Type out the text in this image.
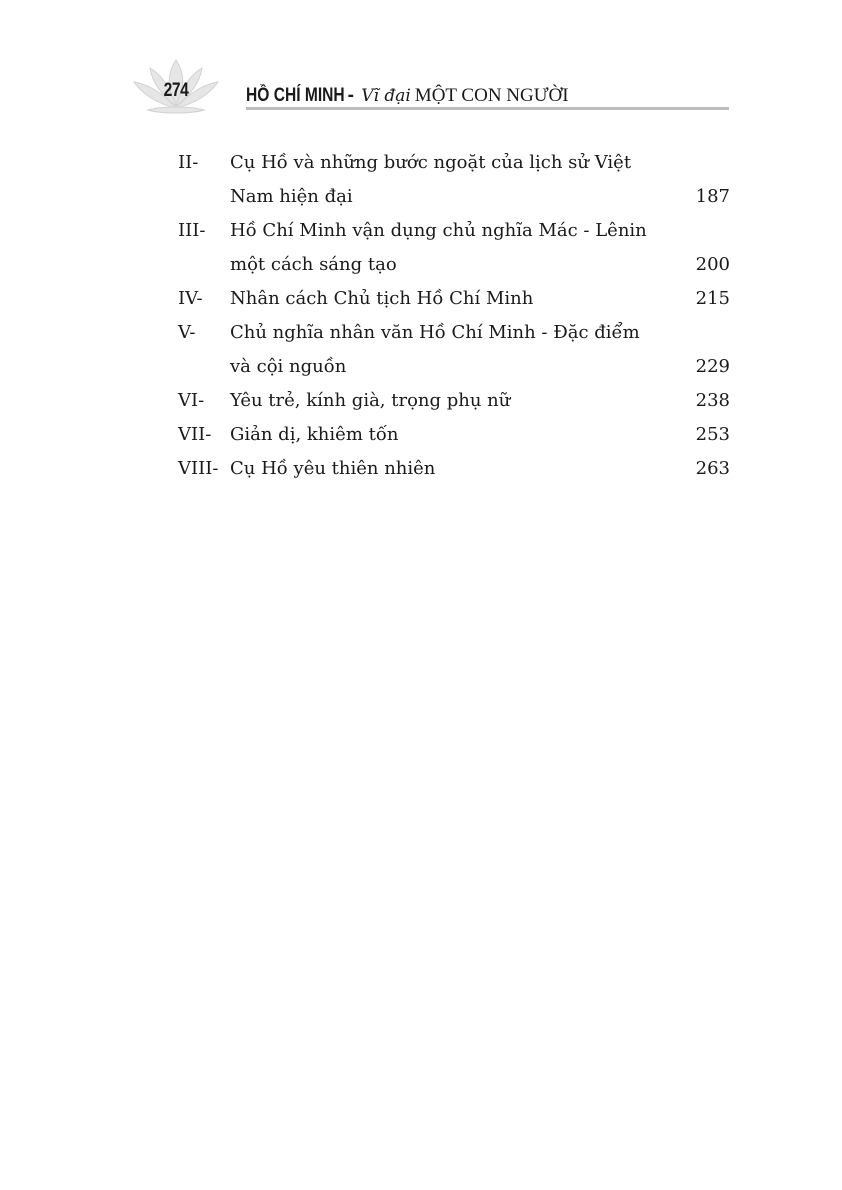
274	HỒ CHÍ MINH - Vĩ đại MỘT CON NGƯỜI
II- Cụ Hồ và những bước ngoặt của lịch sử Việt
Nam hiện đại	187
III- Hồ Chí Minh vận dụng chủ nghĩa Mác - Lênin
một cách sáng tạo	200
IV- Nhân cách Chủ tịch Hồ Chí Minh	215
V- Chủ nghĩa nhân văn Hồ Chí Minh - Đặc điểm
và cội nguồn	229
VI- Yêu trẻ, kính già, trọng phụ nữ	238
VII- Giản dị, khiêm tốn	253
VIII- Cụ Hồ yêu thiên nhiên	263
